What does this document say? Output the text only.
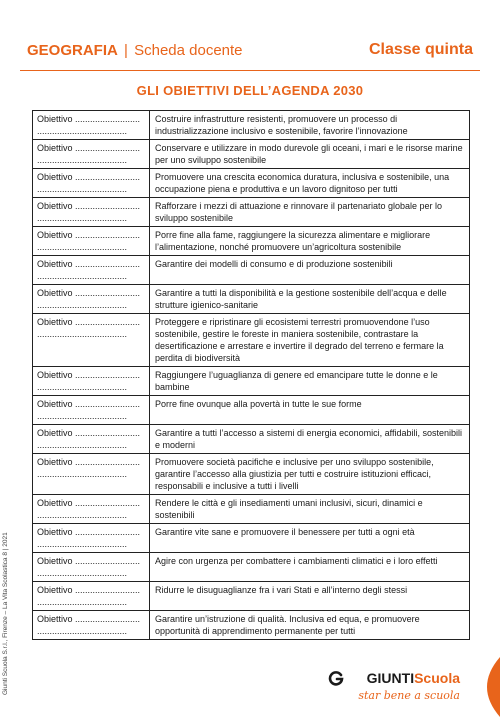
GEOGRAFIA | Scheda docente	Classe quinta
GLI OBIETTIVI DELL’AGENDA 2030
Obiettivo ..........................
....................................
Costruire infrastrutture resistenti, promuovere un processo di industrializzazione inclusivo e sostenibile, favorire l’innovazione
Obiettivo ..........................
....................................
Conservare e utilizzare in modo durevole gli oceani, i mari e le risorse marine per uno sviluppo sostenibile
Obiettivo ..........................
....................................
Promuovere una crescita economica duratura, inclusiva e sostenibile, una occupazione piena e produttiva e un lavoro dignitoso per tutti
Obiettivo ..........................
....................................
Rafforzare i mezzi di attuazione e rinnovare il partenariato globale per lo sviluppo sostenibile
Obiettivo ..........................
....................................
Porre fine alla fame, raggiungere la sicurezza alimentare e migliorare l’alimentazione, nonché promuovere un’agricoltura sostenibile
Obiettivo ..........................
....................................
Garantire dei modelli di consumo e di produzione sostenibili
Obiettivo ..........................
....................................
Garantire a tutti la disponibilità e la gestione sostenibile dell’acqua e delle strutture igienico-sanitarie
Obiettivo ..........................
....................................
Proteggere e ripristinare gli ecosistemi terrestri promuovendone l’uso sostenibile, gestire le foreste in maniera sostenibile, contrastare la desertificazione e arrestare e invertire il degrado del terreno e fermare la perdita di biodiversità
Obiettivo ..........................
....................................
Raggiungere l’uguaglianza di genere ed emancipare tutte le donne e le bambine
Obiettivo ..........................
....................................
Porre fine ovunque alla povertà in tutte le sue forme
Obiettivo ..........................
....................................
Garantire a tutti l’accesso a sistemi di energia economici, affidabili, sostenibili e moderni
Obiettivo ..........................
....................................
Promuovere società pacifiche e inclusive per uno sviluppo sostenibile, garantire l’accesso alla giustizia per tutti e costruire istituzioni efficaci, responsabili e inclusive a tutti i livelli
Obiettivo ..........................
....................................
Rendere le città e gli insediamenti umani inclusivi, sicuri, dinamici e sostenibili
Obiettivo ..........................
....................................
Garantire vite sane e promuovere il benessere per tutti a ogni età
Obiettivo ..........................
....................................
Agire con urgenza per combattere i cambiamenti climatici e i loro effetti
Obiettivo ..........................
....................................
Ridurre le disuguaglianze fra i vari Stati e all’interno degli stessi
Obiettivo ..........................
....................................
Garantire un’istruzione di qualità. Inclusiva ed equa, e promuovere opportunità di apprendimento permanente per tutti
Giunti Scuola S.r.l., Firenze – La Vita Scolastica 8 | 2021	GIUNTIScuola
star bene a scuola
